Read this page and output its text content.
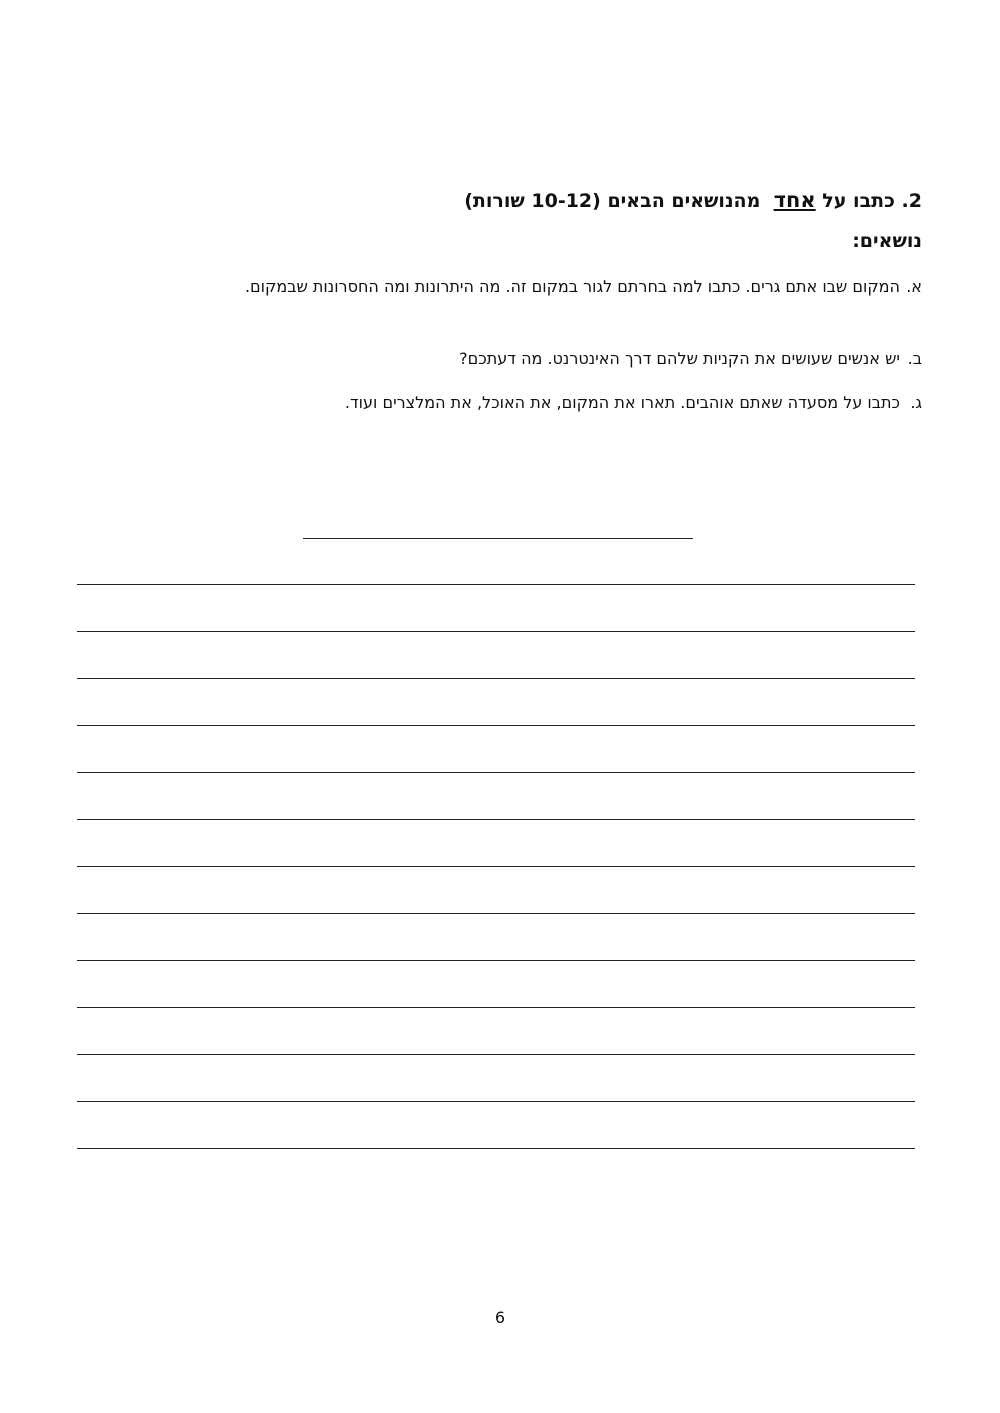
2. כתבו על אחד  מהנושאים הבאים (10-12 שורות)
נושאים:
א.
המקום שבו אתם גרים. כתבו למה בחרתם לגור במקום זה. מה היתרונות ומה החסרונות שבמקום.
ב.
יש אנשים שעושים את הקניות שלהם דרך האינטרנט. מה דעתכם?
ג.
כתבו על מסעדה שאתם אוהבים. תארו את המקום, את האוכל, את המלצרים ועוד.
6
